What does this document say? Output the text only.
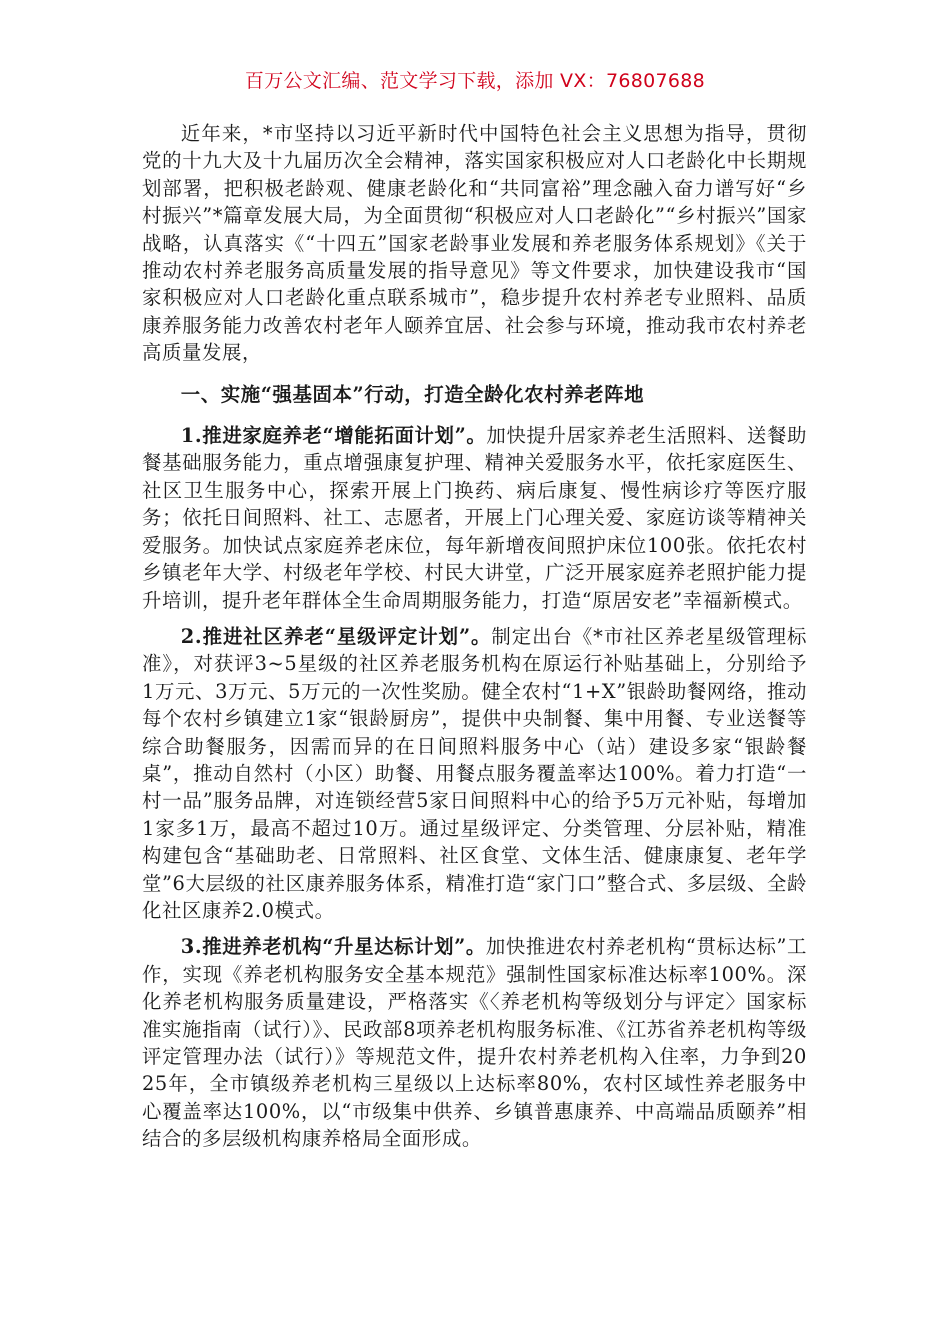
百万公文汇编、范文学习下载，添加 VX：76807688

近年来，*市坚持以习近平新时代中国特色社会主义思想为指导，贯彻党的十九大及十九届历次全会精神，落实国家积极应对人口老龄化中长期规划部署，把积极老龄观、健康老龄化和“共同富裕”理念融入奋力谱写好“乡村振兴”*篇章发展大局，为全面贯彻“积极应对人口老龄化”“乡村振兴”国家战略，认真落实《“十四五”国家老龄事业发展和养老服务体系规划》《关于推动农村养老服务高质量发展的指导意见》等文件要求，加快建设我市“国家积极应对人口老龄化重点联系城市”，稳步提升农村养老专业照料、品质康养服务能力改善农村老年人颐养宜居、社会参与环境，推动我市农村养老高质量发展，

一、实施“强基固本”行动，打造全龄化农村养老阵地

1.推进家庭养老“增能拓面计划”。加快提升居家养老生活照料、送餐助餐基础服务能力，重点增强康复护理、精神关爱服务水平，依托家庭医生、社区卫生服务中心，探索开展上门换药、病后康复、慢性病诊疗等医疗服务；依托日间照料、社工、志愿者，开展上门心理关爱、家庭访谈等精神关爱服务。加快试点家庭养老床位，每年新增夜间照护床位100张。依托农村乡镇老年大学、村级老年学校、村民大讲堂，广泛开展家庭养老照护能力提升培训，提升老年群体全生命周期服务能力，打造“原居安老”幸福新模式。

2.推进社区养老“星级评定计划”。制定出台《*市社区养老星级管理标准》，对获评3~5星级的社区养老服务机构在原运行补贴基础上，分别给予1万元、3万元、5万元的一次性奖励。健全农村“1+X”银龄助餐网络，推动每个农村乡镇建立1家“银龄厨房”，提供中央制餐、集中用餐、专业送餐等综合助餐服务，因需而异的在日间照料服务中心（站）建设多家“银龄餐桌”，推动自然村（小区）助餐、用餐点服务覆盖率达100%。着力打造“一村一品”服务品牌，对连锁经营5家日间照料中心的给予5万元补贴，每增加1家多1万，最高不超过10万。通过星级评定、分类管理、分层补贴，精准构建包含“基础助老、日常照料、社区食堂、文体生活、健康康复、老年学堂”6大层级的社区康养服务体系，精准打造“家门口”整合式、多层级、全龄化社区康养2.0模式。

3.推进养老机构“升星达标计划”。加快推进农村养老机构“贯标达标”工作，实现《养老机构服务安全基本规范》强制性国家标准达标率100%。深化养老机构服务质量建设，严格落实《〈养老机构等级划分与评定〉国家标准实施指南（试行）》、民政部8项养老机构服务标准、《江苏省养老机构等级评定管理办法（试行）》等规范文件，提升农村养老机构入住率，力争到2025年，全市镇级养老机构三星级以上达标率80%，农村区域性养老服务中心覆盖率达100%，以“市级集中供养、乡镇普惠康养、中高端品质颐养”相结合的多层级机构康养格局全面形成。
